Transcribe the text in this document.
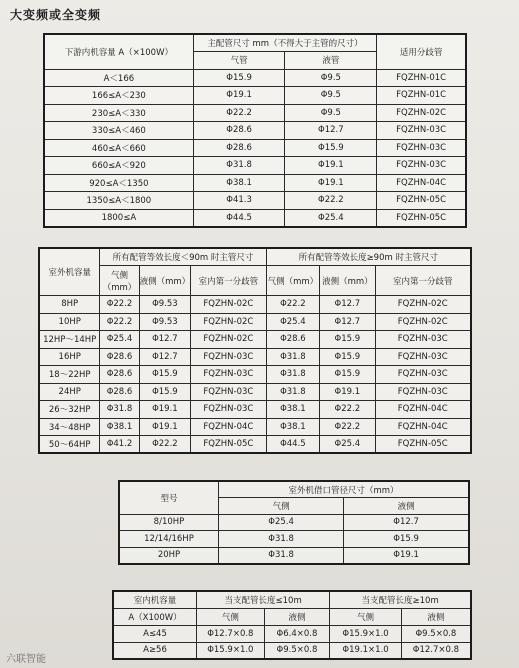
大变频或全变频
下游内机容量 A（×100W）	主配管尺寸 mm（不得大于主管的尺寸）		适用分歧管
	气管	液管	
A＜166	Φ15.9	Φ9.5	FQZHN-01C
166≤A＜230	Φ19.1	Φ9.5	FQZHN-01C
230≤A＜330	Φ22.2	Φ9.5	FQZHN-02C
330≤A＜460	Φ28.6	Φ12.7	FQZHN-03C
460≤A＜660	Φ28.6	Φ15.9	FQZHN-03C
660≤A＜920	Φ31.8	Φ19.1	FQZHN-03C
920≤A＜1350	Φ38.1	Φ19.1	FQZHN-04C
1350≤A＜1800	Φ41.3	Φ22.2	FQZHN-05C
1800≤A	Φ44.5	Φ25.4	FQZHN-05C
室外机容量	所有配管等效长度＜90m 时主管尺寸			所有配管等效长度≥90m 时主管尺寸		
	气侧（mm）	液侧（mm）	室内第一分歧管	气侧（mm）	液侧（mm）	室内第一分歧管
8HP	Φ22.2	Φ9.53	FQZHN-02C	Φ22.2	Φ12.7	FQZHN-02C
10HP	Φ22.2	Φ9.53	FQZHN-02C	Φ25.4	Φ12.7	FQZHN-02C
12HP～14HP	Φ25.4	Φ12.7	FQZHN-02C	Φ28.6	Φ15.9	FQZHN-03C
16HP	Φ28.6	Φ12.7	FQZHN-03C	Φ31.8	Φ15.9	FQZHN-03C
18～22HP	Φ28.6	Φ15.9	FQZHN-03C	Φ31.8	Φ15.9	FQZHN-03C
24HP	Φ28.6	Φ15.9	FQZHN-03C	Φ31.8	Φ19.1	FQZHN-03C
26～32HP	Φ31.8	Φ19.1	FQZHN-03C	Φ38.1	Φ22.2	FQZHN-04C
34～48HP	Φ38.1	Φ19.1	FQZHN-04C	Φ38.1	Φ22.2	FQZHN-04C
50～64HP	Φ41.2	Φ22.2	FQZHN-05C	Φ44.5	Φ25.4	FQZHN-05C
型号	室外机借口管径尺寸（mm）	
	气侧	液侧
8/10HP	Φ25.4	Φ12.7
12/14/16HP	Φ31.8	Φ15.9
20HP	Φ31.8	Φ19.1
室内机容量	当支配管长度≤10m		当支配管长度≥10m	
A（X100W）	气侧	液侧	气侧	液侧
A≤45	Φ12.7×0.8	Φ6.4×0.8	Φ15.9×1.0	Φ9.5×0.8
A≥56	Φ15.9×1.0	Φ9.5×0.8	Φ19.1×1.0	Φ12.7×0.8
六联智能
